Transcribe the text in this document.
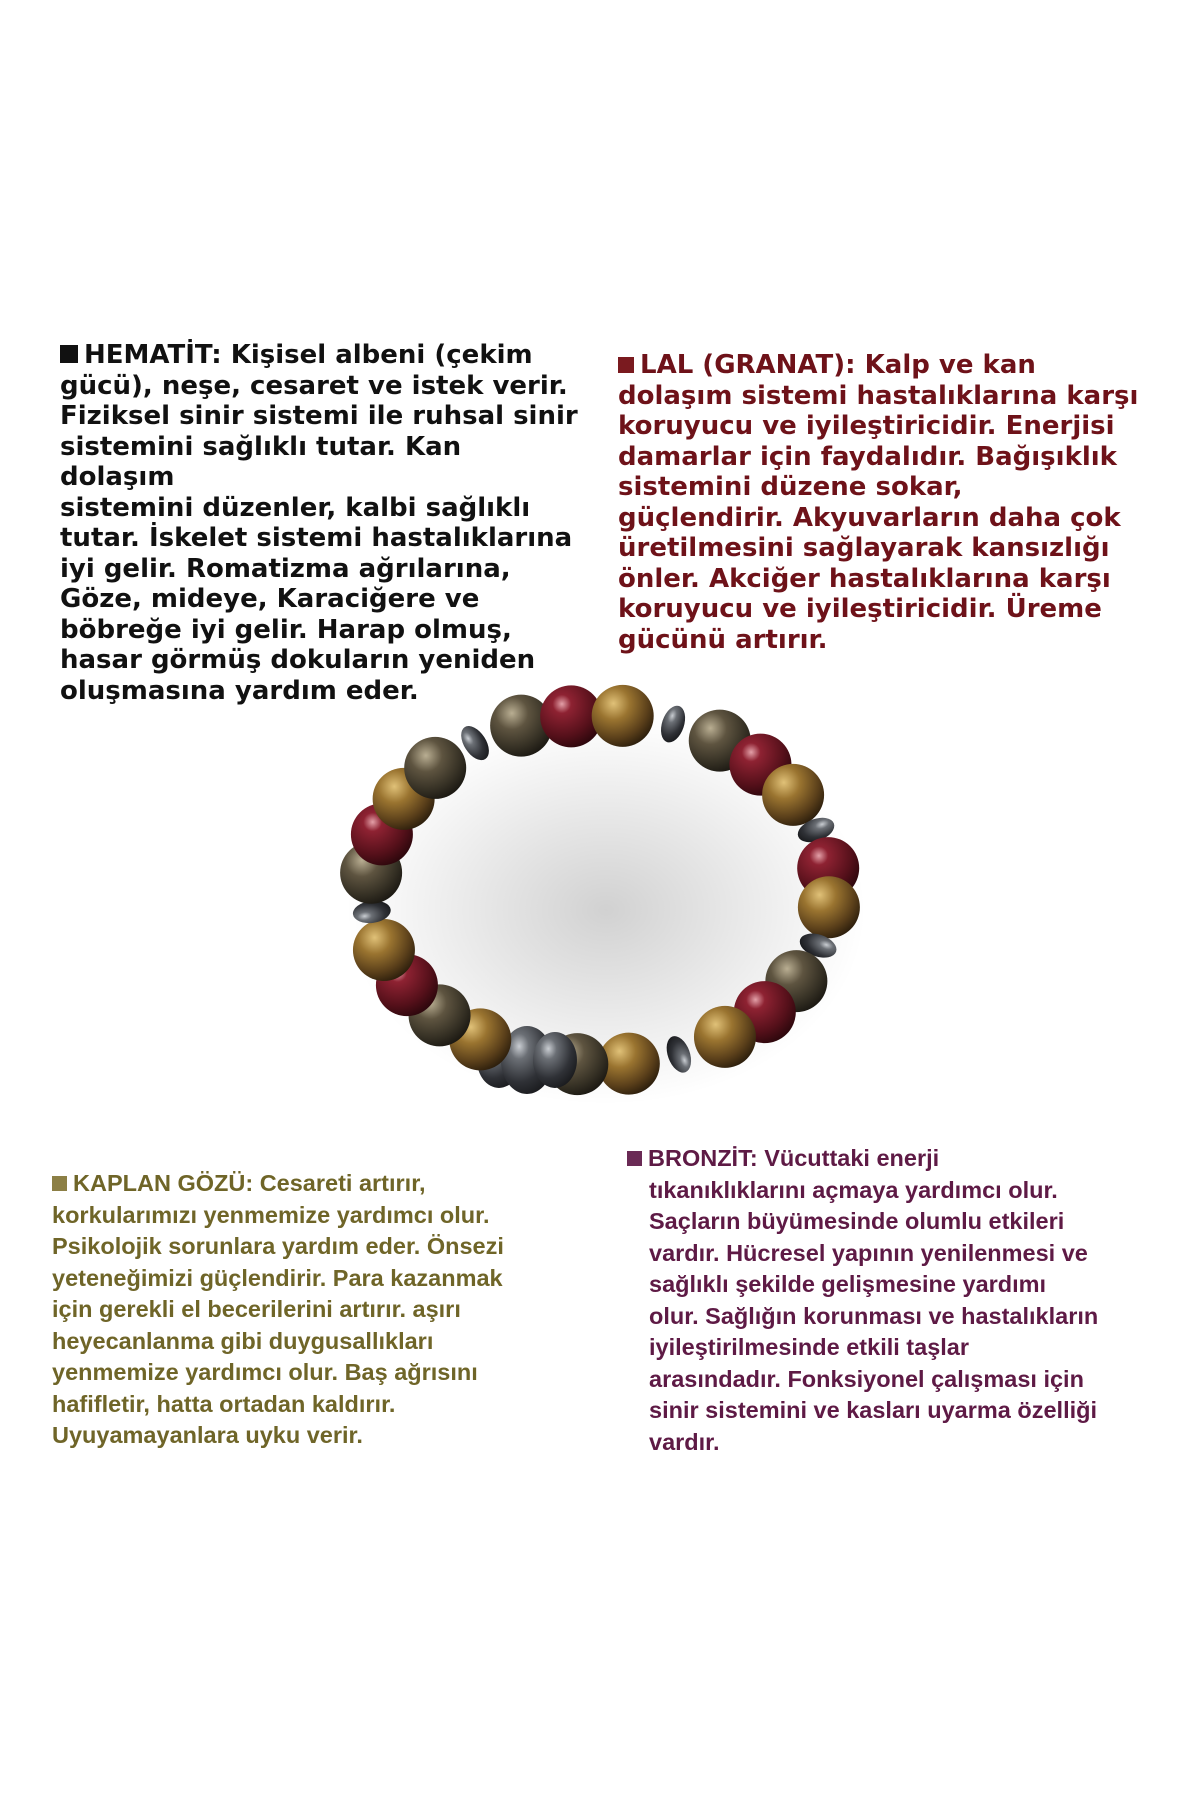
HEMATİT: Kişisel albeni (çekim

gücü), neşe, cesaret ve istek verir.

Fiziksel sinir sistemi ile ruhsal sinir

sistemini sağlıklı tutar. Kan dolaşım

sistemini düzenler, kalbi sağlıklı

tutar. İskelet sistemi hastalıklarına

iyi gelir. Romatizma ağrılarına,

Göze, mideye, Karaciğere ve

böbreğe iyi gelir. Harap olmuş,

hasar görmüş dokuların yeniden

oluşmasına yardım eder.

LAL (GRANAT): Kalp ve kan

dolaşım sistemi hastalıklarına karşı

koruyucu ve iyileştiricidir. Enerjisi

damarlar için faydalıdır. Bağışıklık

sistemini düzene sokar,

güçlendirir. Akyuvarların daha çok

üretilmesini sağlayarak kansızlığı

önler. Akciğer hastalıklarına karşı

koruyucu ve iyileştiricidir. Üreme

gücünü artırır.

KAPLAN GÖZÜ: Cesareti artırır,

korkularımızı yenmemize yardımcı olur.

Psikolojik sorunlara yardım eder. Önsezi

yeteneğimizi güçlendirir. Para kazanmak

için gerekli el becerilerini artırır. aşırı

heyecanlanma gibi duygusallıkları

yenmemize yardımcı olur. Baş ağrısını

hafifletir, hatta ortadan kaldırır.

Uyuyamayanlara uyku verir.

BRONZİT: Vücuttaki enerji

tıkanıklıklarını açmaya yardımcı olur.

Saçların büyümesinde olumlu etkileri

vardır. Hücresel yapının yenilenmesi ve

sağlıklı şekilde gelişmesine yardımı

olur. Sağlığın korunması ve hastalıkların

iyileştirilmesinde etkili taşlar

arasındadır. Fonksiyonel çalışması için

sinir sistemini ve kasları uyarma özelliği

vardır.
